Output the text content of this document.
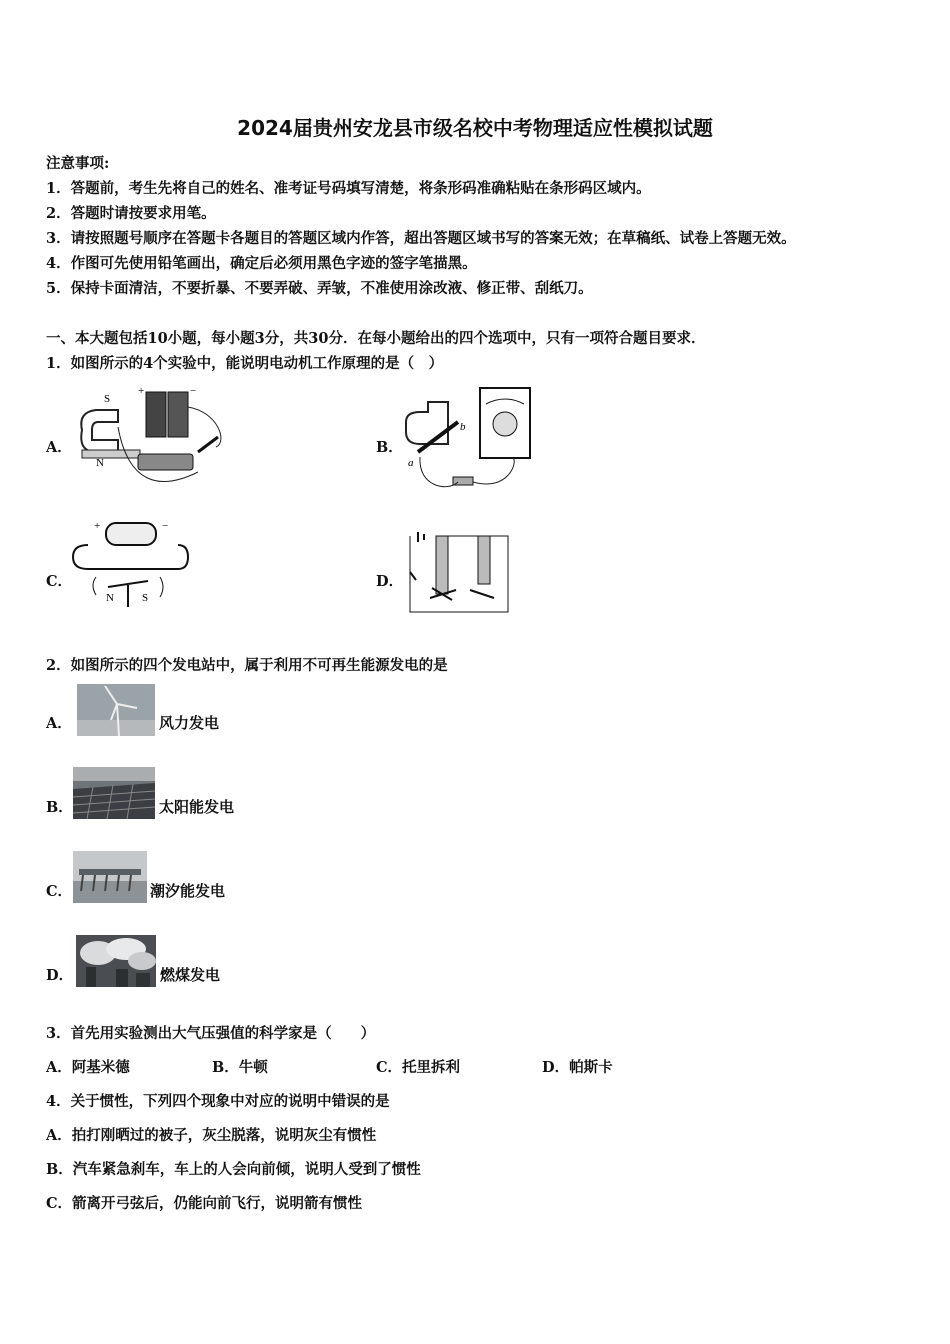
2024届贵州安龙县市级名校中考物理适应性模拟试题
注意事项:
1．答题前，考生先将自己的姓名、准考证号码填写清楚，将条形码准确粘贴在条形码区域内。
2．答题时请按要求用笔。
3．请按照题号顺序在答题卡各题目的答题区域内作答，超出答题区域书写的答案无效；在草稿纸、试卷上答题无效。
4．作图可先使用铅笔画出，确定后必须用黑色字迹的签字笔描黑。
5．保持卡面清洁，不要折暴、不要弄破、弄皱，不准使用涂改液、修正带、刮纸刀。
一、本大题包括10小题，每小题3分，共30分．在每小题给出的四个选项中，只有一项符合题目要求．
1．如图所示的4个实验中，能说明电动机工作原理的是（　）
A．
S
N
+	−
B．
a
b
C．
+	−
N	S
D．
2．如图所示的四个发电站中，属于利用不可再生能源发电的是
A．	风力发电
B．	太阳能发电
C．	潮汐能发电
D．	燃煤发电
3．首先用实验测出大气压强值的科学家是（　　）
A．阿基米德	B．牛顿	C．托里拆利	D．帕斯卡
4．关于惯性，下列四个现象中对应的说明中错误的是
A．拍打刚晒过的被子，灰尘脱落，说明灰尘有惯性
B．汽车紧急刹车，车上的人会向前倾，说明人受到了惯性
C．箭离开弓弦后，仍能向前飞行，说明箭有惯性
